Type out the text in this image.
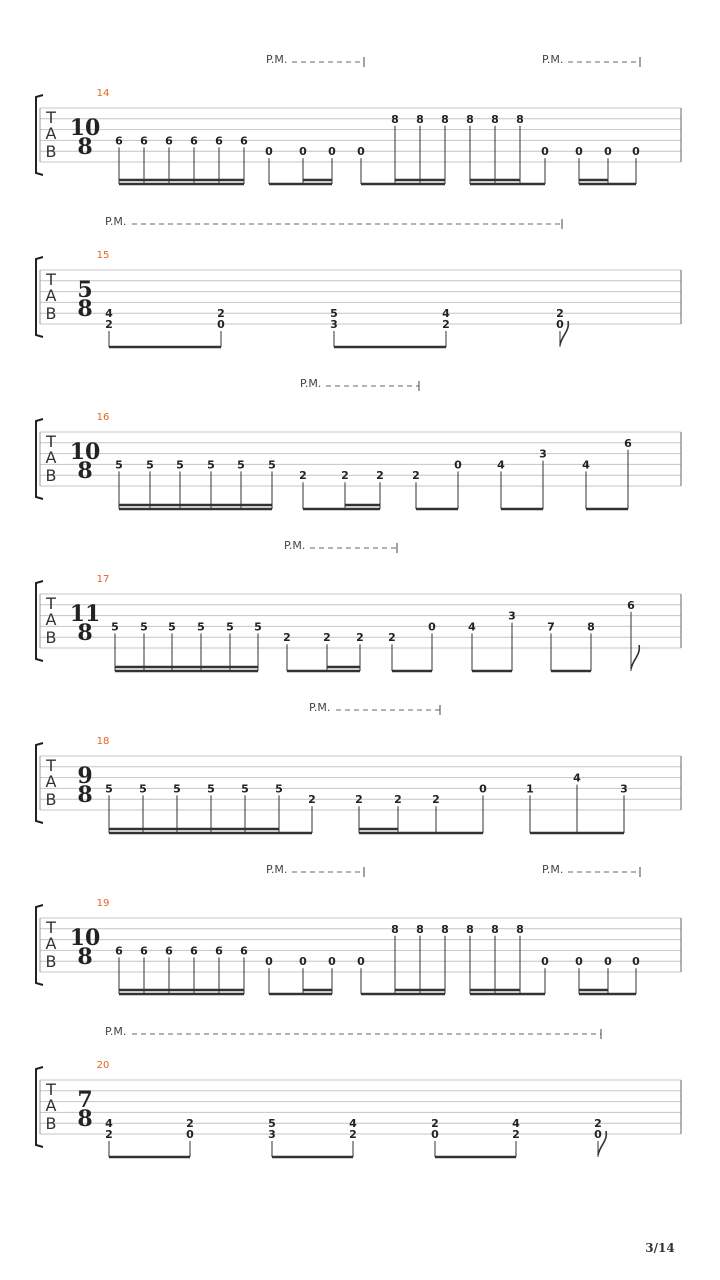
T
A
B
10
8
14
P.M.	P.M.
6 6 6 6 6 6
0 0 0 0
8 8 8 8 8 8
0 0 0 0
T
A
B
5
8
15
P.M.
4
2
2
0
5
3
4
2
2
0
T
A
B
10
8
16
P.M.
5 5 5 5 5 5
2	2 2	2
0	4
3
4
6
T
A
B
11
8
17
P.M.
5 5 5 5 5 5
2	2 2 2
0	4
3
7	8
6
T
A
B
9
8
18
P.M.
5 5 5 5 5 5
2	2	2	2
0	1
4
3
T
A
B
10
8
19
P.M.	P.M.
6 6 6 6 6 6
0 0 0 0
8 8 8 8 8 8
0 0 0 0
T
A
B
7
8
20
P.M.
4
2
2
0
5
3
4
2
2
0
4
2
2
0
3/14
